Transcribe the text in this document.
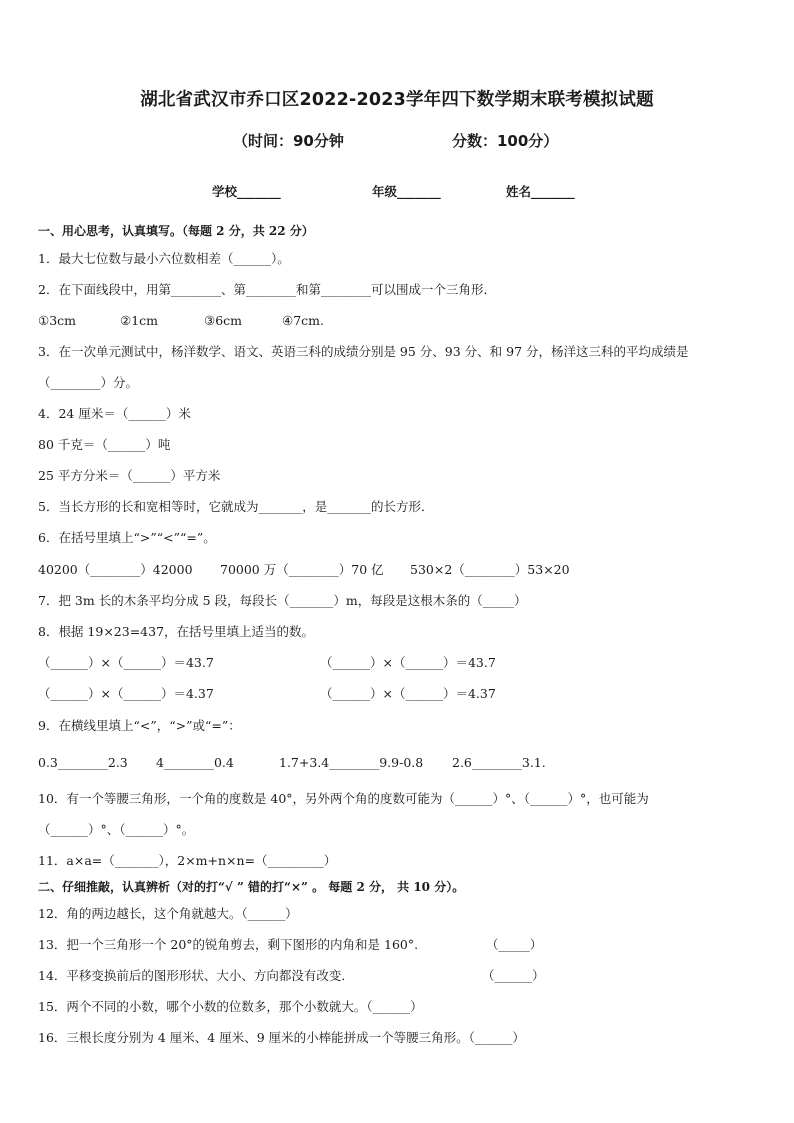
湖北省武汉市乔口区2022-2023学年四下数学期末联考模拟试题
（时间：90分钟	分数：100分）
学校_______	年级_______	姓名_______
一、用心思考，认真填写。（每题 2 分，共 22 分）
1．最大七位数与最小六位数相差（______）。
2．在下面线段中，用第________、第________和第________可以围成一个三角形．
①3cm	②1cm	③6cm	④7cm.
3．在一次单元测试中，杨洋数学、语文、英语三科的成绩分别是 95 分、93 分、和 97 分，杨洋这三科的平均成绩是
（________）分。
4．24 厘米＝（______）米
80 千克＝（______）吨
25 平方分米＝（______）平方米
5．当长方形的长和宽相等时，它就成为_______，是_______的长方形．
6．在括号里填上“>”“<”“=”。
40200（________）42000 70000 万（________）70 亿 530×2（________）53×20
7．把 3m 长的木条平均分成 5 段，每段长（_______）m，每段是这根木条的（_____）
8．根据 19×23=437，在括号里填上适当的数。
（______）×（______）＝43.7	（______）×（______）＝43.7
（______）×（______）＝4.37	（______）×（______）＝4.37
9．在横线里填上“<”，“>”或“=”：
0.3________2.3 4________0.4	1.7+3.4________9.9-0.8 2.6________3.1.
10．有一个等腰三角形，一个角的度数是 40°，另外两个角的度数可能为（______）°、（______）°，也可能为
（______）°、（______）°。
11．a×a=（_______），2×m+n×n=（_________）
二、仔细推敲，认真辨析（对的打“√ ” 错的打“×” 。 每题 2 分， 共 10 分）。
12．角的两边越长，这个角就越大。（______）
13．把一个三角形一个 20°的锐角剪去，剩下图形的内角和是 160°.	（_____）
14．平移变换前后的图形形状、大小、方向都没有改变．	（______）
15．两个不同的小数，哪个小数的位数多，那个小数就大。（______）
16．三根长度分别为 4 厘米、4 厘米、9 厘米的小棒能拼成一个等腰三角形。（______）
